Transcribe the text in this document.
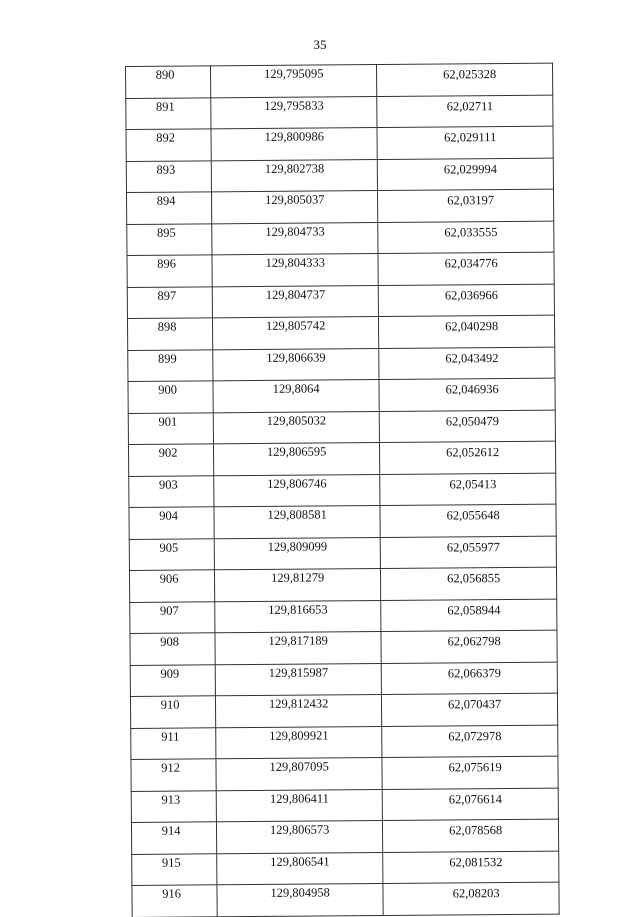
35
890	129,795095	62,025328
891	129,795833	62,02711
892	129,800986	62,029111
893	129,802738	62,029994
894	129,805037	62,03197
895	129,804733	62,033555
896	129,804333	62,034776
897	129,804737	62,036966
898	129,805742	62,040298
899	129,806639	62,043492
900	129,8064	62,046936
901	129,805032	62,050479
902	129,806595	62,052612
903	129,806746	62,05413
904	129,808581	62,055648
905	129,809099	62,055977
906	129,81279	62,056855
907	129,816653	62,058944
908	129,817189	62,062798
909	129,815987	62,066379
910	129,812432	62,070437
911	129,809921	62,072978
912	129,807095	62,075619
913	129,806411	62,076614
914	129,806573	62,078568
915	129,806541	62,081532
916	129,804958	62,08203
